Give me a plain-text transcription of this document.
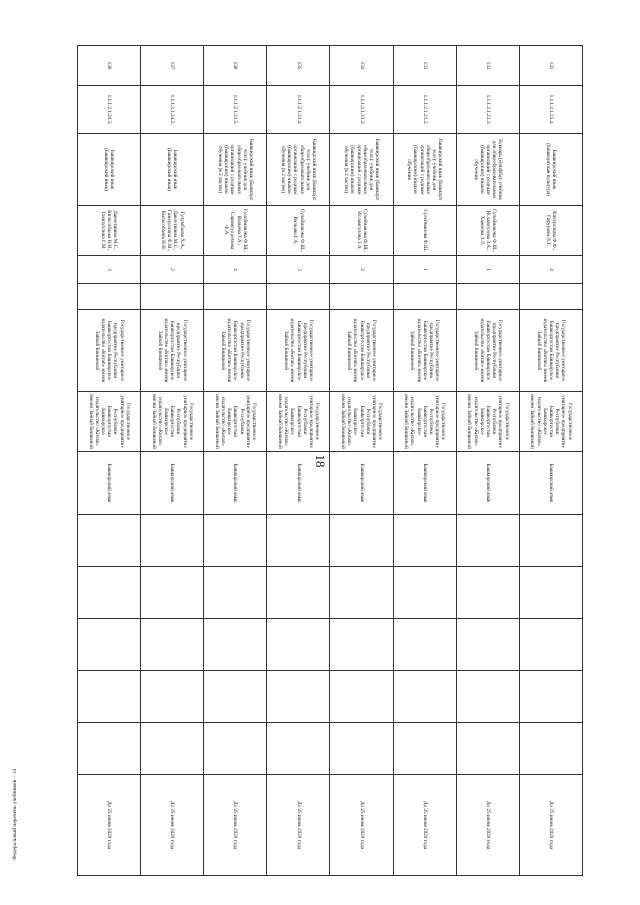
18
131	1.1.1.2.1.23.4.	Башкирский язык (Башкортская культура)	Фатхуллина Ф.Ф., Гафурова Л.Т.	4		Государственное унитарное предприятие Республики Башкортостан Башкирское издательство «Китап» имени Зайнаб Биишевой	Государственное унитарное предприятие Республики Башкортостан Башкирское издательство «Китап» имени Зайнаб Биишевой	Башкирский язык						До 25 июня 2020 года
132	1.1.1.2.1.23.3.	Букварь (Әлифба): учебник для общеобразовательных организаций с родным (башкирским) языком обучения	Сулейманова Ф.Ш., Исламгулова З.А., Хажиева З.Л.	1		Государственное унитарное предприятие Республики Башкортостан Башкирское издательство «Китап» имени Зайнаб Биишевой	Государственное унитарное предприятие Республики Башкортостан Башкирское издательство «Китап» имени Зайнаб Биишевой	Башкирский язык						До 25 июня 2020 года
133	1.1.1.2.1.23.2.	Башкирский язык (Башкорт теле): учебник для общеобразовательных организаций с родным (башкирским) языком обучения	Сулейманова Ф.Ш.	1		Государственное унитарное предприятие Республики Башкортостан Башкирское издательство «Китап» имени Зайнаб Биишевой	Государственное унитарное предприятие Республики Башкортостан Башкирское издательство «Китап» имени Зайнаб Биишевой	Башкирский язык						До 25 июня 2020 года
134	1.1.1.2.1.23.3.	Башкирский язык (Башкорт теле): учебник для общеобразовательных организаций с родным (башкирским) языком обучения (в 2 частях)	Сулейманова Ф.Ш., Исламгулова З.А.	2		Государственное унитарное предприятие Республики Башкортостан Башкирское издательство «Китап» имени Зайнаб Биишевой	Государственное унитарное предприятие Республики Башкортостан Башкирское издательство «Китап» имени Зайнаб Биишевой	Башкирский язык						До 25 июня 2020 года
135	1.1.1.2.1.23.4.	Башкирский язык (Башкорт теле): учебник для общеобразовательных организаций с родным (башкирским) языком обучения (в 2 частях)	Сулейманова Ф.Ш., Валиева Г.А.	3		Государственное унитарное предприятие Республики Башкортостан Башкирское издательство «Китап» имени Зайнаб Биишевой	Государственное унитарное предприятие Республики Башкортостан Башкирское издательство «Китап» имени Зайнаб Биишевой	Башкирский язык						До 25 июня 2020 года
136	1.1.1.2.1.23.5.	Башкирский язык (Башкорт теле): учебник для общеобразовательных организаций с родным (башкирским) языком обучения (в 2 частях)	Сулейманова Ф.Ш., Валиева Г.А., Саримгулдемова Ф.А.	4		Государственное унитарное предприятие Республики Башкортостан Башкирское издательство «Китап» имени Зайнаб Биишевой	Государственное унитарное предприятие Республики Башкортостан Башкирское издательство «Китап» имени Зайнаб Биишевой	Башкирский язык						До 25 июня 2020 года
137	1.1.1.2.1.24.2.	Башкирский язык (Башкирский язык)	Гулумбаева Х.А., Давлетшина М.С., Газизуллина Ф.М., Кильсобаева Н.Н.	2		Государственное унитарное предприятие Республики Башкортостан Башкирское издательство «Китап» имени Зайнаб Биишевой	Государственное унитарное предприятие Республики Башкортостан Башкирское издательство «Китап» имени Зайнаб Биишевой	Башкирский язык						До 25 июня 2020 года
138	1.1.1.2.1.24.3.	Башкирский язык (Башкирский язык)	Давлетшина М.С., Кильсобаева Н.Н., Газизуллина Г.М.	3		Государственное унитарное предприятие Республики Башкортостан Башкирское издательство «Китап» имени Зайнаб Биишевой	Государственное унитарное предприятие Республики Башкортостан Башкирское издательство «Китап» имени Зайнаб Биишевой	Башкирский язык						До 25 июня 2020 года
Федеральный перечень учебников – 14
